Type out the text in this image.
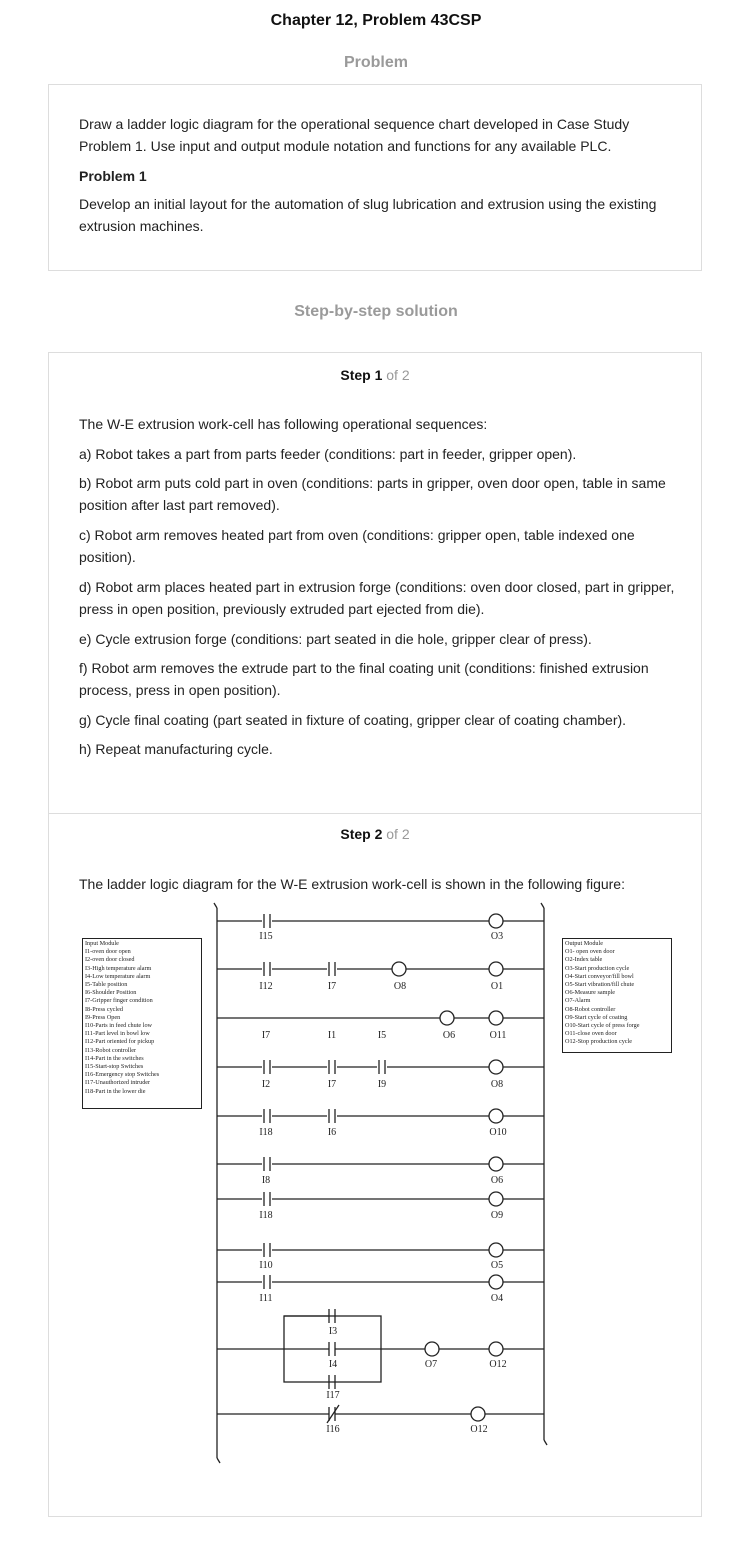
Chapter 12, Problem 43CSP
Problem

Draw a ladder logic diagram for the operational sequence chart developed in Case Study Problem 1. Use input and output module notation and functions for any available PLC.

Problem 1

Develop an initial layout for the automation of slug lubrication and extrusion using the existing extrusion machines.

Step-by-step solution
Step 1 of 2

The W-E extrusion work-cell has following operational sequences:

a) Robot takes a part from parts feeder (conditions: part in feeder, gripper open).

b) Robot arm puts cold part in oven (conditions: parts in gripper, oven door open, table in same position after last part removed).

c) Robot arm removes heated part from oven (conditions: gripper open, table indexed one position).

d) Robot arm places heated part in extrusion forge (conditions: oven door closed, part in gripper, press in open position, previously extruded part ejected from die).

e) Cycle extrusion forge (conditions: part seated in die hole, gripper clear of press).

f) Robot arm removes the extrude part to the final coating unit (conditions: finished extrusion process, press in open position).

g) Cycle final coating (part seated in fixture of coating, gripper clear of coating chamber).

h) Repeat manufacturing cycle.

Step 2 of 2

The ladder logic diagram for the W-E extrusion work-cell is shown in the following figure:

I15	O3
I12	I7	O8	O1
I7	I1	I5	O6	O11
I2	I7	I9	O8
I18	I6	O10
I8	O6
I18	O9
I10	O5
I11	O4
I3
I4	O7	O12
I17
I16	O12
Input Module
I1-oven door open
I2-oven door closed
I3-High temperature alarm
I4-Low temperature alarm
I5-Table position
I6-Shoulder Position
I7-Gripper finger condition
I8-Press cycled
I9-Press Open
I10-Parts in feed chute low
I11-Part level in bowl low
I12-Part oriented for pickup
I13-Robot controller
I14-Part in the switches
I15-Start-stop Switches
I16-Emergency stop Switches
I17-Unauthorized intruder
I18-Part in the lower die
Output Module
O1- open oven door
O2-Index table
O3-Start production cycle
O4-Start conveyor/fill bowl
O5-Start vibration/fill chute
O6-Measure sample
O7-Alarm
O8-Robot controller
O9-Start cycle of coating
O10-Start cycle of press forge
O11-close oven door
O12-Stop production cycle
